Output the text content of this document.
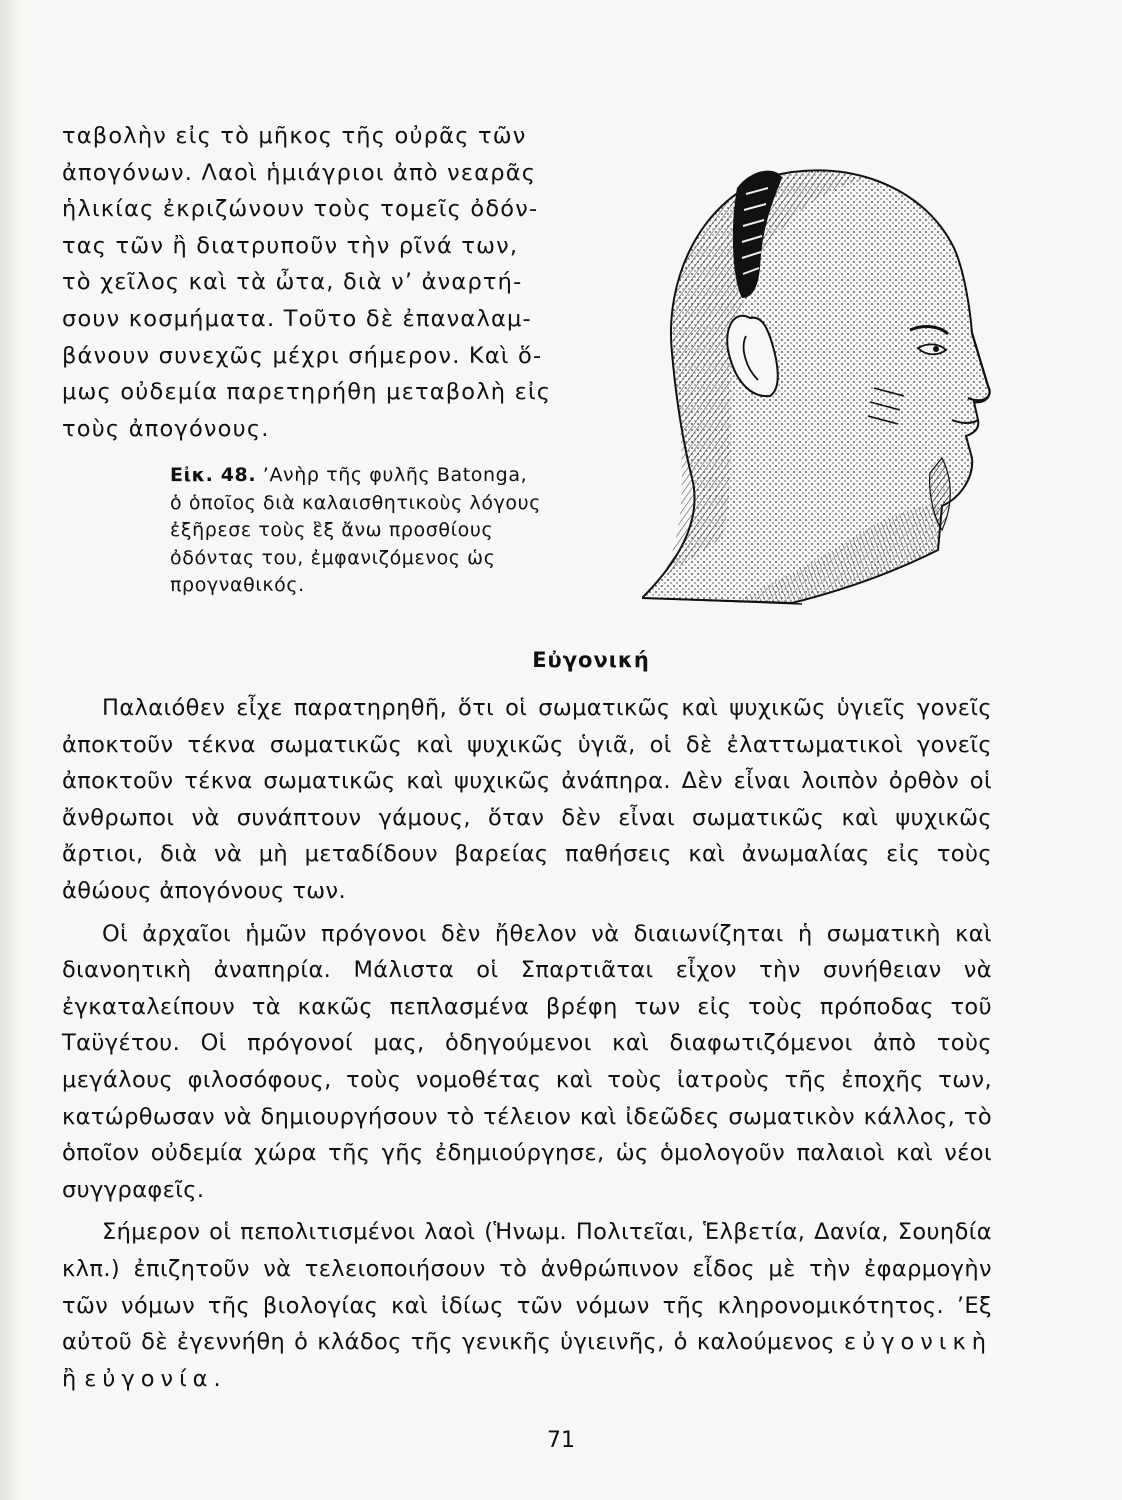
ταβολὴν εἰς τὸ μῆκος τῆς οὐρᾶς τῶν

ἀπογόνων. Λαοὶ ἡμιάγριοι ἀπὸ νεαρᾶς

ἡλικίας ἐκριζώνουν τοὺς τομεῖς ὀδόν-

τας τῶν ἢ διατρυποῦν τὴν ρῖνά των,

τὸ χεῖλος καὶ τὰ ὦτα, διὰ ν’ ἀναρτή-

σουν κοσμήματα. Τοῦτο δὲ ἐπαναλαμ-

βάνουν συνεχῶς μέχρι σήμερον. Καὶ ὅ-

μως οὐδεμία παρετηρήθη μεταβολὴ εἰς

τοὺς ἀπογόνους.

Εἰκ. 48. ’Ανὴρ τῆς φυλῆς Batonga, ὁ ὁποῖος διὰ καλαισθητικοὺς λόγους ἐξῆρεσε τοὺς ἓξ ἄνω προσθίους ὀδόντας του, ἐμφανιζόμενος ὡς προγναθικός.
Εὐγονική

Παλαιόθεν εἶχε παρατηρηθῆ, ὅτι οἱ σωματικῶς καὶ ψυχικῶς ὑγιεῖς γονεῖς ἀποκτοῦν τέκνα σωματικῶς καὶ ψυχικῶς ὑγιᾶ, οἱ δὲ ἐλαττωματικοὶ γονεῖς ἀποκτοῦν τέκνα σωματικῶς καὶ ψυχικῶς ἀνάπηρα. Δὲν εἶναι λοιπὸν ὀρθὸν οἱ ἄνθρωποι νὰ συνάπτουν γάμους, ὅταν δὲν εἶναι σωματικῶς καὶ ψυχικῶς ἄρτιοι, διὰ νὰ μὴ μεταδίδουν βαρείας παθήσεις καὶ ἀνωμαλίας εἰς τοὺς ἀθώους ἀπογόνους των.

Οἱ ἀρχαῖοι ἡμῶν πρόγονοι δὲν ἤθελον νὰ διαιωνίζηται ἡ σωματικὴ καὶ διανοητικὴ ἀναπηρία. Μάλιστα οἱ Σπαρτιᾶται εἶχον τὴν συνήθειαν νὰ ἐγκαταλείπουν τὰ κακῶς πεπλασμένα βρέφη των εἰς τοὺς πρόποδας τοῦ Ταϋγέτου. Οἱ πρόγονοί μας, ὁδηγούμενοι καὶ διαφωτιζόμενοι ἀπὸ τοὺς μεγάλους φιλοσόφους, τοὺς νομοθέτας καὶ τοὺς ἰατροὺς τῆς ἐποχῆς των, κατώρθωσαν νὰ δημιουργήσουν τὸ τέλειον καὶ ἰδεῶδες σωματικὸν κάλλος, τὸ ὁποῖον οὐδεμία χώρα τῆς γῆς ἐδημιούργησε, ὡς ὁμολογοῦν παλαιοὶ καὶ νέοι συγγραφεῖς.

Σήμερον οἱ πεπολιτισμένοι λαοὶ (Ἡνωμ. Πολιτεῖαι, Ἑλβετία, Δανία, Σουηδία κλπ.) ἐπιζητοῦν νὰ τελειοποιήσουν τὸ ἀνθρώπινον εἶδος μὲ τὴν ἐφαρμογὴν τῶν νόμων τῆς βιολογίας καὶ ἰδίως τῶν νόμων τῆς κληρονομικότητος. ’Εξ αὐτοῦ δὲ ἐγεννήθη ὁ κλάδος τῆς γενικῆς ὑγιεινῆς, ὁ καλούμενος εὐγονικὴ ἢ εὐγονία.

71
